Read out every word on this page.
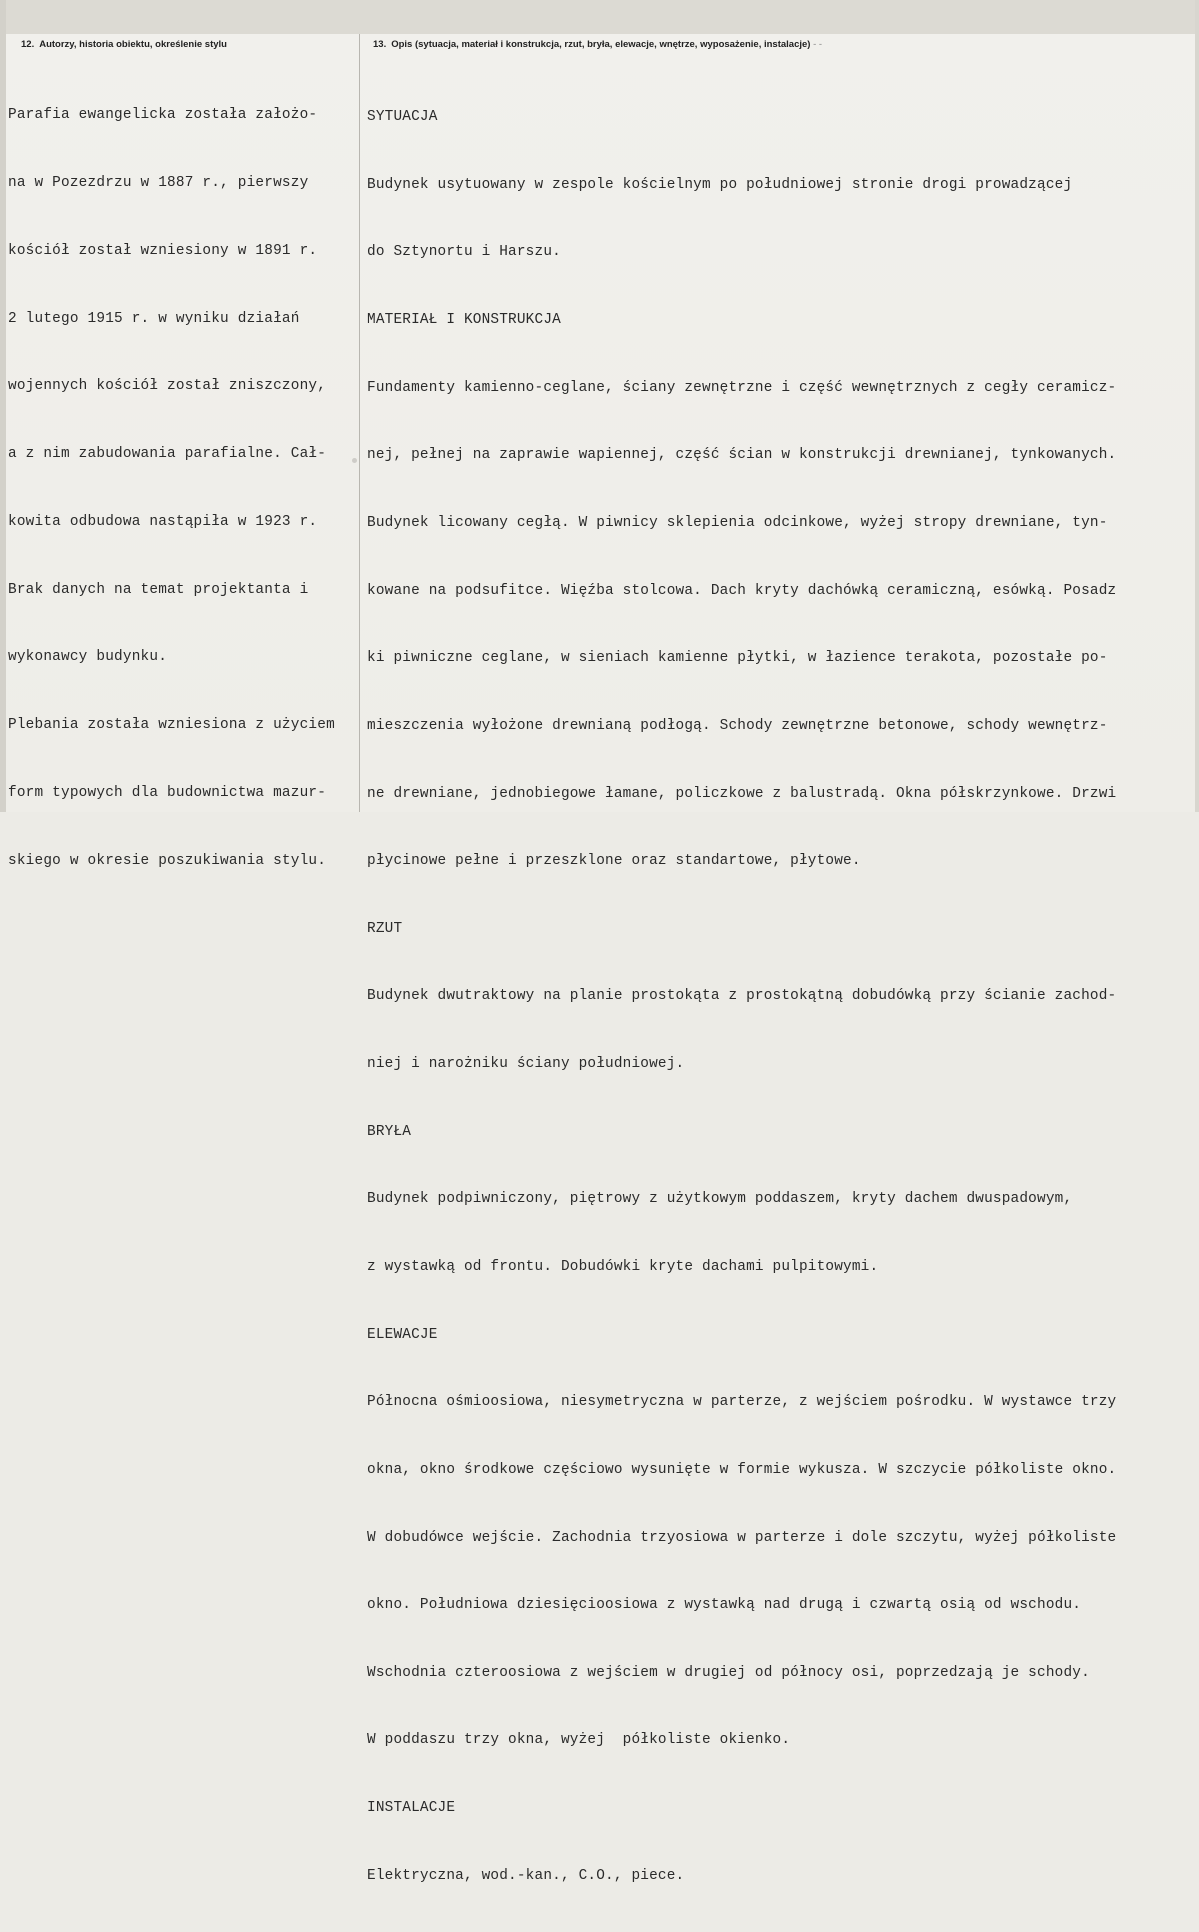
12. Autorzy, historia obiektu, określenie stylu	13. Opis (sytuacja, materiał i konstrukcja, rzut, bryła, elewacje, wnętrze, wyposażenie, instalacje) - -

Parafia ewangelicka została założo-

na w Pozezdrzu w 1887 r., pierwszy

kościół został wzniesiony w 1891 r.

2 lutego 1915 r. w wyniku działań

wojennych kościół został zniszczony,

a z nim zabudowania parafialne. Cał-

kowita odbudowa nastąpiła w 1923 r.

Brak danych na temat projektanta i

wykonawcy budynku.

Plebania została wzniesiona z użyciem

form typowych dla budownictwa mazur-

skiego w okresie poszukiwania stylu.

SYTUACJA

Budynek usytuowany w zespole kościelnym po południowej stronie drogi prowadzącej

do Sztynortu i Harszu.

MATERIAŁ I KONSTRUKCJA

Fundamenty kamienno-ceglane, ściany zewnętrzne i część wewnętrznych z cegły ceramicz-

nej, pełnej na zaprawie wapiennej, część ścian w konstrukcji drewnianej, tynkowanych.

Budynek licowany cegłą. W piwnicy sklepienia odcinkowe, wyżej stropy drewniane, tyn-

kowane na podsufitce. Więźba stolcowa. Dach kryty dachówką ceramiczną, esówką. Posadz

ki piwniczne ceglane, w sieniach kamienne płytki, w łazience terakota, pozostałe po-

mieszczenia wyłożone drewnianą podłogą. Schody zewnętrzne betonowe, schody wewnętrz-

ne drewniane, jednobiegowe łamane, policzkowe z balustradą. Okna półskrzynkowe. Drzwi

płycinowe pełne i przeszklone oraz standartowe, płytowe.

RZUT

Budynek dwutraktowy na planie prostokąta z prostokątną dobudówką przy ścianie zachod-

niej i narożniku ściany południowej.

BRYŁA

Budynek podpiwniczony, piętrowy z użytkowym poddaszem, kryty dachem dwuspadowym,

z wystawką od frontu. Dobudówki kryte dachami pulpitowymi.

ELEWACJE

Północna ośmioosiowa, niesymetryczna w parterze, z wejściem pośrodku. W wystawce trzy

okna, okno środkowe częściowo wysunięte w formie wykusza. W szczycie półkoliste okno.

W dobudówce wejście. Zachodnia trzyosiowa w parterze i dole szczytu, wyżej półkoliste

okno. Południowa dziesięcioosiowa z wystawką nad drugą i czwartą osią od wschodu.

Wschodnia czteroosiowa z wejściem w drugiej od północy osi, poprzedzają je schody.

W poddaszu trzy okna, wyżej  półkoliste okienko.

INSTALACJE

Elektryczna, wod.-kan., C.O., piece.
